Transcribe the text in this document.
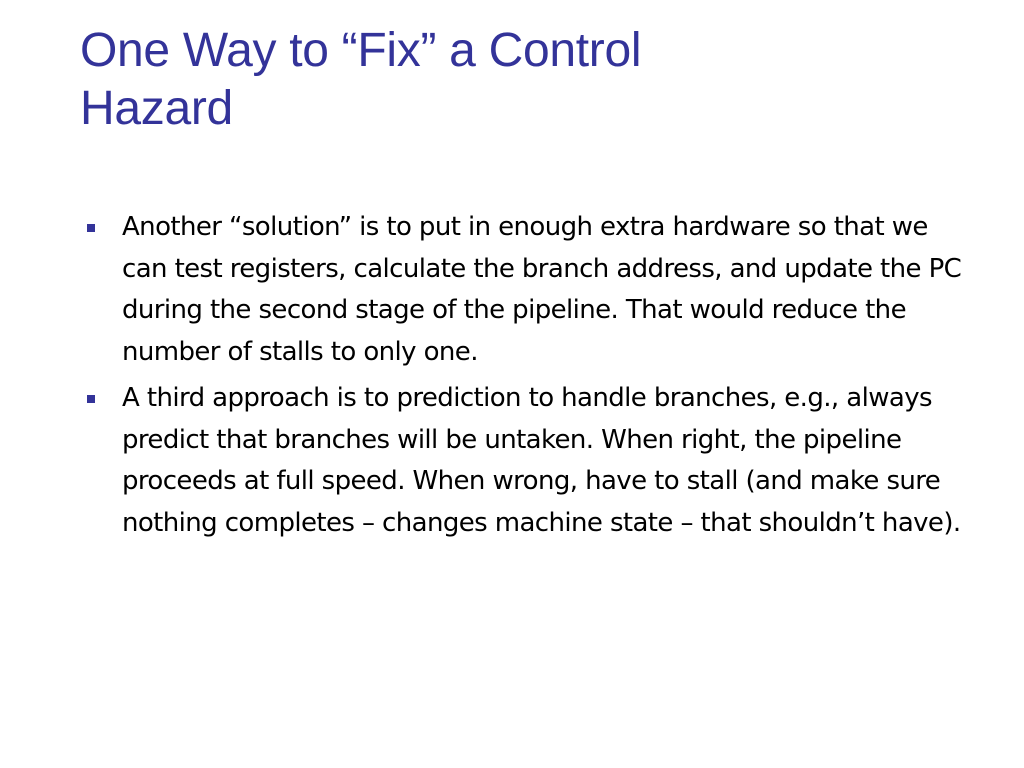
One Way to “Fix” a Control
Hazard
Another “solution” is to put in enough extra hardware so that we can test registers, calculate the branch address, and update the PC during the second stage of the pipeline. That would reduce the number of stalls to only one.
A third approach is to prediction to handle branches, e.g., always predict that branches will be untaken. When right, the pipeline proceeds at full speed. When wrong, have to stall (and make sure nothing completes – changes machine state – that shouldn’t have).
